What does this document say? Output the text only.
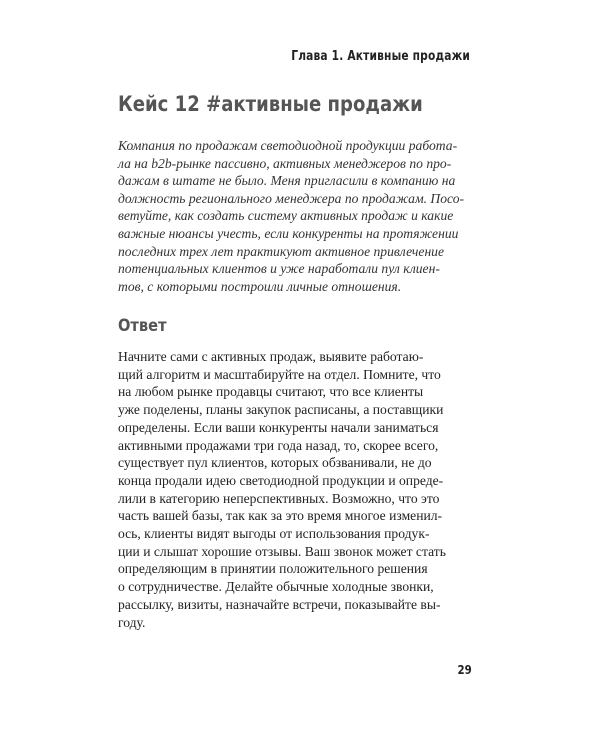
Глава 1. Активные продажи
Кейс 12 #активные продажи
Компания по продажам светодиодной продукции работа-
ла на b2b-рынке пассивно, активных менеджеров по про-
дажам в штате не было. Меня пригласили в компанию на
должность регионального менеджера по продажам. Посо-
ветуйте, как создать систему активных продаж и какие
важные нюансы учесть, если конкуренты на протяжении
последних трех лет практикуют активное привлечение
потенциальных клиентов и уже наработали пул клиен-
тов, с которыми построили личные отношения.
Ответ
Начните сами с активных продаж, выявите работаю-
щий алгоритм и масштабируйте на отдел. Помните, что
на любом рынке продавцы считают, что все клиенты
уже поделены, планы закупок расписаны, а поставщики
определены. Если ваши конкуренты начали заниматься
активными продажами три года назад, то, скорее всего,
существует пул клиентов, которых обзванивали, не до
конца продали идею светодиодной продукции и опреде-
лили в категорию неперспективных. Возможно, что это
часть вашей базы, так как за это время многое изменил-
ось, клиенты видят выгоды от использования продук-
ции и слышат хорошие отзывы. Ваш звонок может стать
определяющим в принятии положительного решения
о сотрудничестве. Делайте обычные холодные звонки,
рассылку, визиты, назначайте встречи, показывайте вы-
году.
29
